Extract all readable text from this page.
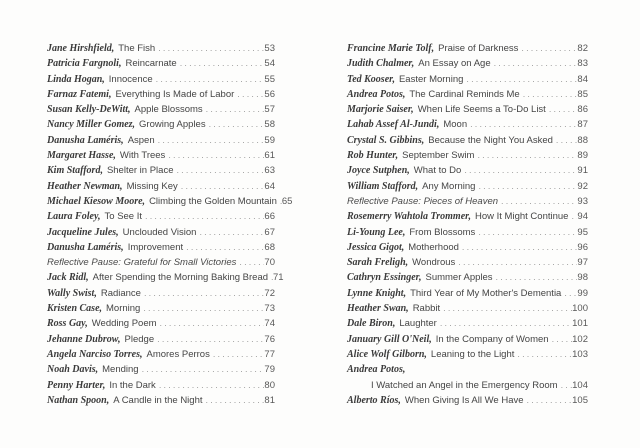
Jane Hirshfield, The Fish .....	53
Patricia Fargnoli, Reincarnate .....	54
Linda Hogan, Innocence .....	55
Farnaz Fatemi, Everything Is Made of Labor .....	56
Susan Kelly-DeWitt, Apple Blossoms .....	57
Nancy Miller Gomez, Growing Apples .....	58
Danusha Laméris, Aspen .....	59
Margaret Hasse, With Trees .....	61
Kim Stafford, Shelter in Place .....	63
Heather Newman, Missing Key .....	64
Michael Kiesow Moore, Climbing the Golden Mountain ..... 65
Laura Foley, To See It .....	66
Jacqueline Jules, Unclouded Vision .....	67
Danusha Laméris, Improvement .....	68
Reflective Pause: Grateful for Small Victories .....	70
Jack Ridl, After Spending the Morning Baking Bread ..... 71
Wally Swist, Radiance .....	72
Kristen Case, Morning .....	73
Ross Gay, Wedding Poem .....	74
Jehanne Dubrow, Pledge .....	76
Angela Narciso Torres, Amores Perros .....	77
Noah Davis, Mending .....	79
Penny Harter, In the Dark .....	80
Nathan Spoon, A Candle in the Night .....	81
Francine Marie Tolf, Praise of Darkness .....	82
Judith Chalmer, An Essay on Age .....	83
Ted Kooser, Easter Morning .....	84
Andrea Potos, The Cardinal Reminds Me .....	85
Marjorie Saiser, When Life Seems a To-Do List .....	86
Lahab Assef Al-Jundi, Moon .....	87
Crystal S. Gibbins, Because the Night You Asked .....	88
Rob Hunter, September Swim .....	89
Joyce Sutphen, What to Do .....	91
William Stafford, Any Morning .....	92
Reflective Pause: Pieces of Heaven .....	93
Rosemerry Wahtola Trommer, How It Might Continue ..... 94
Li-Young Lee, From Blossoms .....	95
Jessica Gigot, Motherhood .....	96
Sarah Freligh, Wondrous .....	97
Cathryn Essinger, Summer Apples .....	98
Lynne Knight, Third Year of My Mother's Dementia ..... 99
Heather Swan, Rabbit .....	100
Dale Biron, Laughter .....	101
January Gill O'Neil, In the Company of Women ..... 102
Alice Wolf Gilborn, Leaning to the Light .....	103
Andrea Potos,
I Watched an Angel in the Emergency Room ..... 104
Alberto Ríos, When Giving Is All We Have .....	105
